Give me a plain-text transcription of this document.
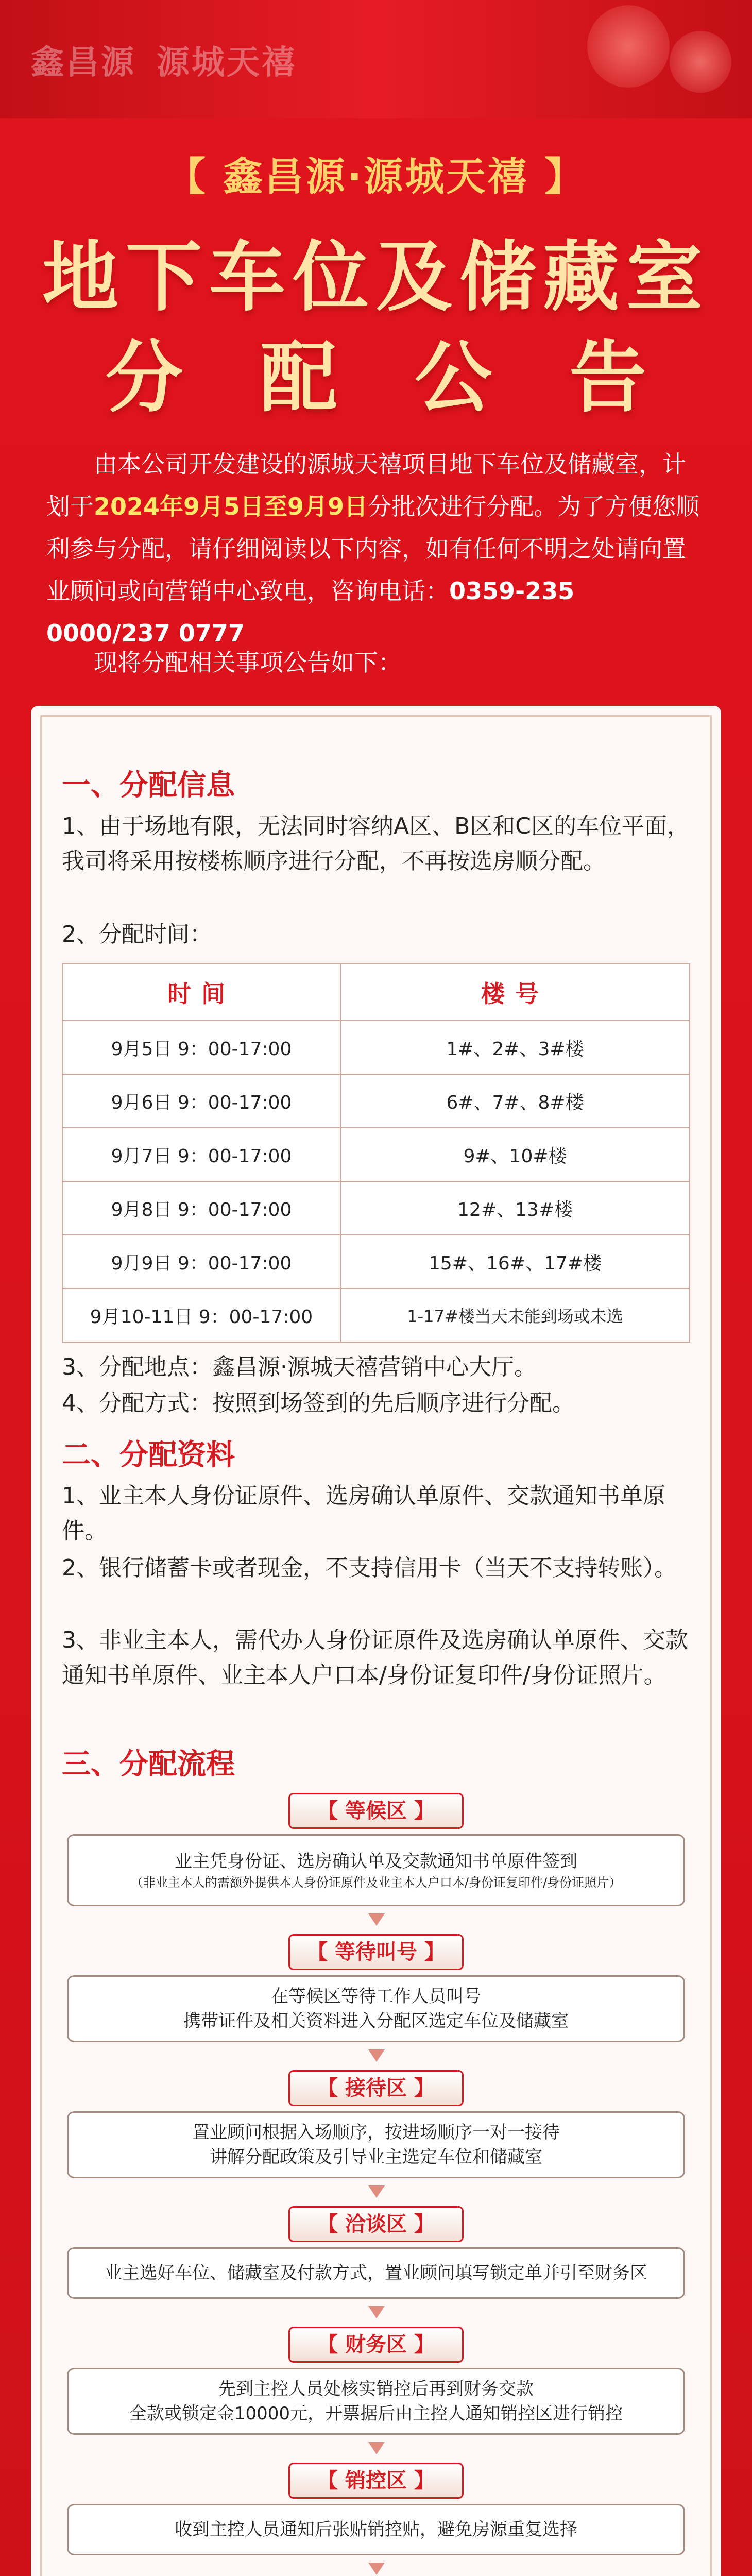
鑫昌源 源城天禧
【 鑫昌源·源城天禧 】
地下车位及储藏室
分配公告
由本公司开发建设的源城天禧项目地下车位及储藏室，计划于2024年9月5日至9月9日分批次进行分配。为了方便您顺利参与分配，请仔细阅读以下内容，如有任何不明之处请向置业顾问或向营销中心致电，咨询电话：0359-235 0000/237 0777
现将分配相关事项公告如下：
一、分配信息
1、由于场地有限，无法同时容纳A区、B区和C区的车位平面，我司将采用按楼栋顺序进行分配，不再按选房顺分配。
2、分配时间：
时间	楼号
9月5日 9：00-17:00	1#、2#、3#楼
9月6日 9：00-17:00	6#、7#、8#楼
9月7日 9：00-17:00	9#、10#楼
9月8日 9：00-17:00	12#、13#楼
9月9日 9：00-17:00	15#、16#、17#楼
9月10-11日 9：00-17:00	1-17#楼当天未能到场或未选
3、分配地点：鑫昌源·源城天禧营销中心大厅。
4、分配方式：按照到场签到的先后顺序进行分配。
二、分配资料
1、业主本人身份证原件、选房确认单原件、交款通知书单原件。
2、银行储蓄卡或者现金，不支持信用卡（当天不支持转账）。
3、非业主本人，需代办人身份证原件及选房确认单原件、交款通知书单原件、业主本人户口本/身份证复印件/身份证照片。
三、分配流程
【 等候区 】
业主凭身份证、选房确认单及交款通知书单原件签到
（非业主本人的需额外提供本人身份证原件及业主本人户口本/身份证复印件/身份证照片）
【 等待叫号 】
在等候区等待工作人员叫号
携带证件及相关资料进入分配区选定车位及储藏室
【 接待区 】
置业顾问根据入场顺序，按进场顺序一对一接待
讲解分配政策及引导业主选定车位和储藏室
【 洽谈区 】
业主选好车位、储藏室及付款方式，置业顾问填写锁定单并引至财务区
【 财务区 】
先到主控人员处核实销控后再到财务交款
全款或锁定金10000元，开票据后由主控人通知销控区进行销控
【 销控区 】
收到主控人员通知后张贴销控贴，避免房源重复选择
